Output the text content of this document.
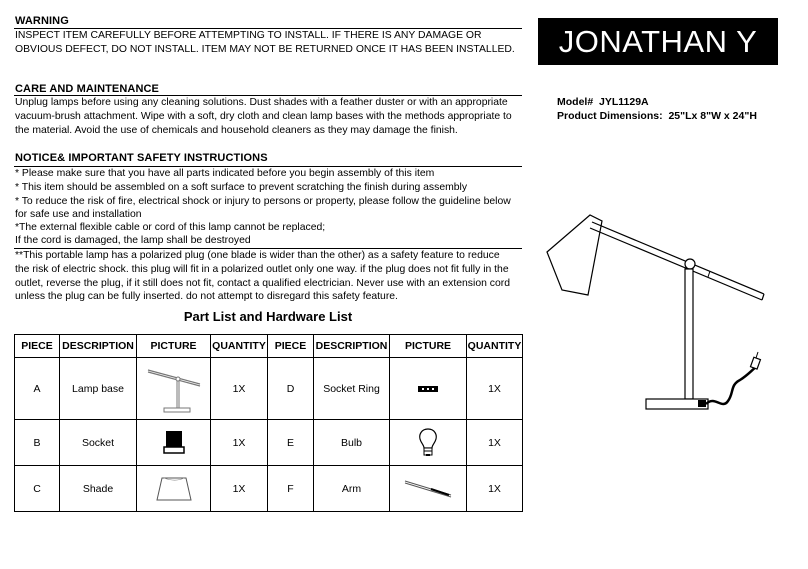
WARNING
INSPECT ITEM CAREFULLY BEFORE ATTEMPTING TO INSTALL. IF THERE IS ANY DAMAGE OR
OBVIOUS DEFECT, DO NOT INSTALL. ITEM MAY NOT BE RETURNED ONCE IT HAS BEEN INSTALLED.	JONATHAN Y
CARE AND MAINTENANCE
Unplug lamps before using any cleaning solutions. Dust shades with a feather duster or with an appropriate
vacuum-brush attachment. Wipe with a soft, dry cloth and clean lamp bases with the methods appropriate to
the material. Avoid the use of chemicals and household cleaners as they may damage the finish.
Model# JYL1129A
Product Dimensions: 25"Lx 8"W x 24"H
NOTICE& IMPORTANT SAFETY INSTRUCTIONS
* Please make sure that you have all parts indicated before you begin assembly of this item
* This item should be assembled on a soft surface to prevent scratching the finish during assembly
* To reduce the risk of fire, electrical shock or injury to persons or property, please follow the guideline below
for safe use and installation
*The external flexible cable or cord of this lamp cannot be replaced;
If the cord is damaged, the lamp shall be destroyed
**This portable lamp has a polarized plug (one blade is wider than the other) as a safety feature to reduce
the risk of electric shock. this plug will fit in a polarized outlet only one way. if the plug does not fit fully in the
outlet, reverse the plug, if it still does not fit, contact a qualified electrician. Never use with an extension cord
unless the plug can be fully inserted. do not attempt to disregard this safety feature.
Part List and Hardware List
PIECE	DESCRIPTION	PICTURE	QUANTITY	PIECE	DESCRIPTION	PICTURE	QUANTITY
A	Lamp base		1X	D	Socket Ring		1X
B	Socket		1X	E	Bulb		1X
C	Shade		1X	F	Arm		1X
